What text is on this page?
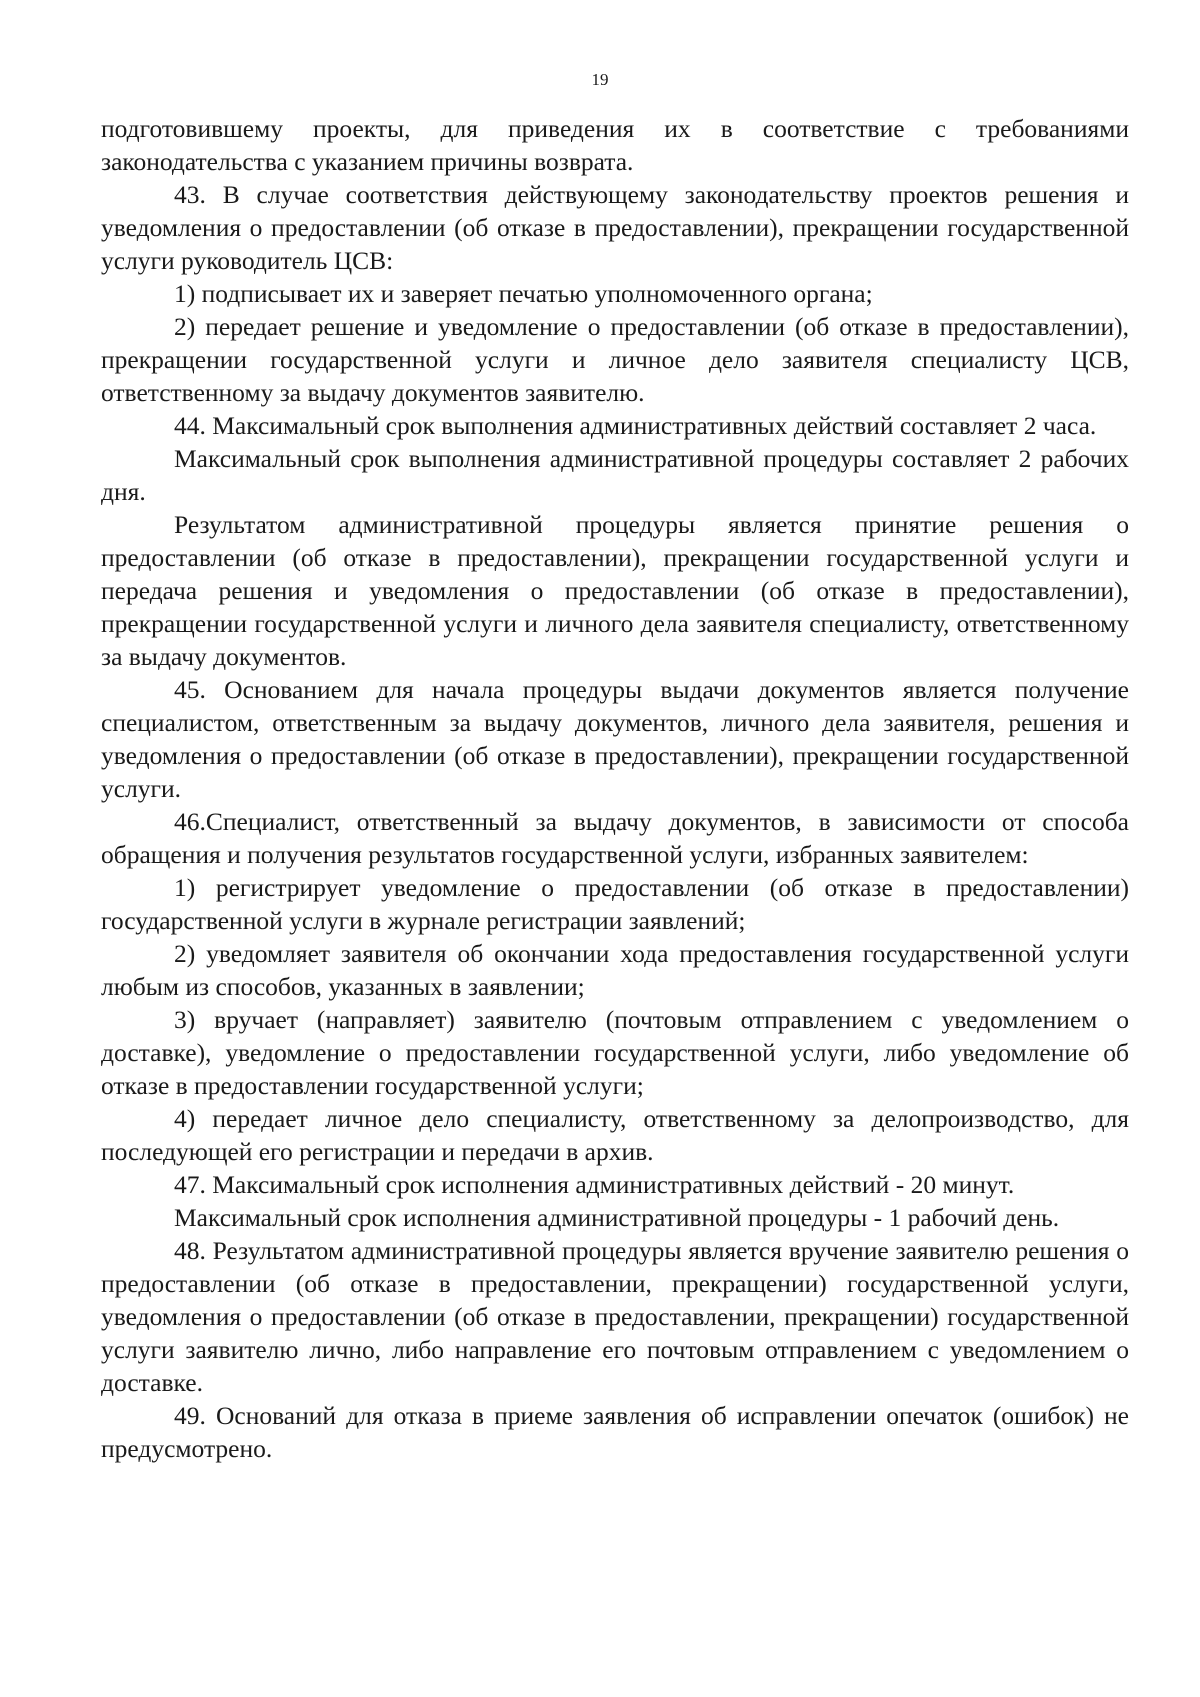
19

подготовившему проекты, для приведения их в соответствие с требованиями законодательства с указанием причины возврата.

43. В случае соответствия действующему законодательству проектов решения и уведомления о предоставлении (об отказе в предоставлении), прекращении государственной услуги руководитель ЦСВ:

1) подписывает их и заверяет печатью уполномоченного органа;

2) передает решение и уведомление о предоставлении (об отказе в предоставлении), прекращении государственной услуги и личное дело заявителя специалисту ЦСВ, ответственному за выдачу документов заявителю.

44. Максимальный срок выполнения административных действий составляет 2 часа.

Максимальный срок выполнения административной процедуры составляет 2 рабочих дня.

Результатом административной процедуры является принятие решения о предоставлении (об отказе в предоставлении), прекращении государственной услуги и передача решения и уведомления о предоставлении (об отказе в предоставлении), прекращении государственной услуги и личного дела заявителя специалисту, ответственному за выдачу документов.

45. Основанием для начала процедуры выдачи документов является получение специалистом, ответственным за выдачу документов, личного дела заявителя, решения и уведомления о предоставлении (об отказе в предоставлении), прекращении государственной услуги.

46.Специалист, ответственный за выдачу документов, в зависимости от способа обращения и получения результатов государственной услуги, избранных заявителем:

1) регистрирует уведомление о предоставлении (об отказе в предоставлении) государственной услуги в журнале регистрации заявлений;

2) уведомляет заявителя об окончании хода предоставления государственной услуги любым из способов, указанных в заявлении;

3) вручает (направляет) заявителю (почтовым отправлением с уведомлением о доставке), уведомление о предоставлении государственной услуги, либо уведомление об отказе в предоставлении государственной услуги;

4) передает личное дело специалисту, ответственному за делопроизводство, для последующей его регистрации и передачи в архив.

47. Максимальный срок исполнения административных действий - 20 минут.

Максимальный срок исполнения административной процедуры - 1 рабочий день.

48. Результатом административной процедуры является вручение заявителю решения о предоставлении (об отказе в предоставлении, прекращении) государственной услуги, уведомления о предоставлении (об отказе в предоставлении, прекращении) государственной услуги заявителю лично, либо направление его почтовым отправлением с уведомлением о доставке.

49. Оснований для отказа в приеме заявления об исправлении опечаток (ошибок) не предусмотрено.
